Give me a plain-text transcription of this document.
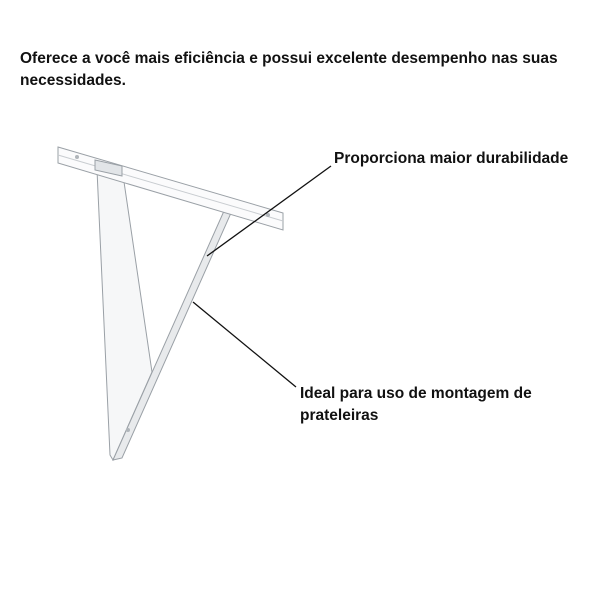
Oferece a você mais eficiência e possui excelente desempenho nas suas necessidades.

Proporciona maior durabilidade

Ideal para uso de montagem de prateleiras
